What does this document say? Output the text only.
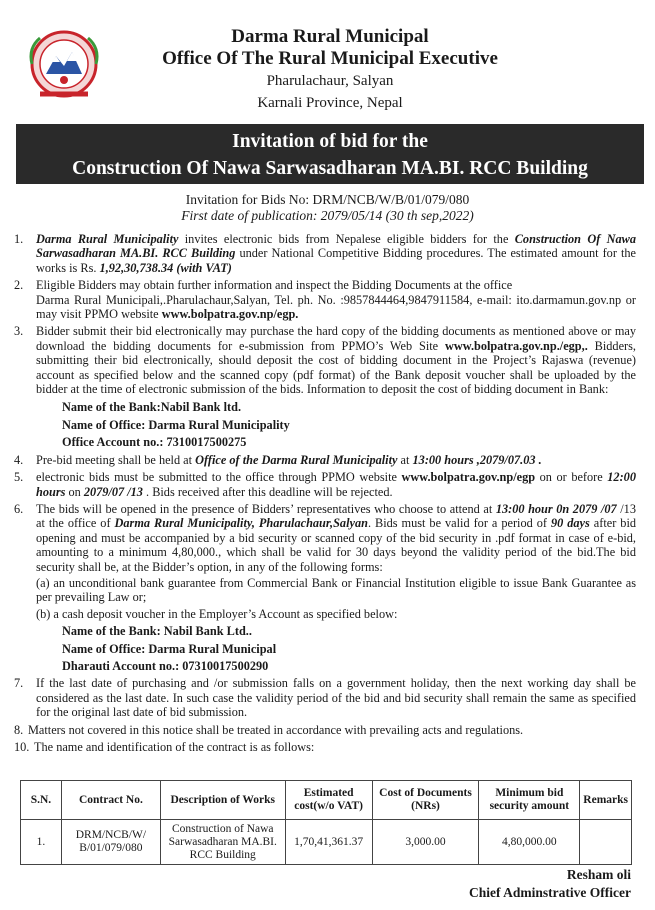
Darma Rural Municipal
Office Of The Rural Municipal Executive
Pharulachaur, Salyan
Karnali Province, Nepal
Invitation of bid for the
Construction Of Nawa Sarwasadharan MA.BI. RCC Building
Invitation for Bids No: DRM/NCB/W/B/01/079/080
First date of publication: 2079/05/14 (30 th sep,2022)
1.	Darma Rural Municipality invites electronic bids from Nepalese eligible bidders for the Construction Of Nawa Sarwasadharan MA.BI. RCC Building under National Competitive Bidding procedures. The estimated amount for the works is Rs. 1,92,30,738.34 (with VAT)
2.	Eligible Bidders may obtain further information and inspect the Bidding Documents at the office
Darma Rural Municipali,.Pharulachaur,Salyan, Tel. ph. No. :9857844464,9847911584, e-mail: ito.darmamun.gov.np or may visit PPMO website www.bolpatra.gov.np/egp.
3.	Bidder submit their bid electronically may purchase the hard copy of the bidding documents as mentioned above or may download the bidding documents for e-submission from PPMO’s Web Site www.bolpatra.gov.np./egp,. Bidders, submitting their bid electronically, should deposit the cost of bidding document in the Project’s Rajaswa (revenue) account as specified below and the scanned copy (pdf format) of the Bank deposit voucher shall be uploaded by the bidder at the time of electronic submission of the bids. Information to deposit the cost of bidding document in Bank:
Name of the Bank:Nabil Bank ltd.
Name of Office: Darma Rural Municipality
Office Account no.: 7310017500275
4.	Pre-bid meeting shall be held at Office of the Darma Rural Municipality at 13:00 hours ,2079/07.03 .
5.	electronic bids must be submitted to the office through PPMO website www.bolpatra.gov.np/egp on or before 12:00 hours on 2079/07 /13 . Bids received after this deadline will be rejected.
6.	The bids will be opened in the presence of Bidders’ representatives who choose to attend at 13:00 hour 0n 2079 /07 /13 at the office of Darma Rural Municipality, Pharulachaur,Salyan. Bids must be valid for a period of 90 days after bid opening and must be accompanied by a bid security or scanned copy of the bid security in .pdf format in case of e-bid, amounting to a minimum 4,80,000., which shall be valid for 30 days beyond the validity period of the bid.The bid security shall be, at the Bidder’s option, in any of the following forms:
(a) an unconditional bank guarantee from Commercial Bank or Financial Institution eligible to issue Bank Guarantee as per prevailing Law or;
(b) a cash deposit voucher in the Employer’s Account as specified below:
Name of the Bank: Nabil Bank Ltd..
Name of Office: Darma Rural Municipal
Dharauti Account no.: 07310017500290
7.	If the last date of purchasing and /or submission falls on a government holiday, then the next working day shall be considered as the last date. In such case the validity period of the bid and bid security shall remain the same as specified for the original last date of bid submission.
8. Matters not covered in this notice shall be treated in accordance with prevailing acts and regulations.
10. The name and identification of the contract is as follows:
S.N.	Contract No.	Description of Works	Estimated cost(w/o VAT)	Cost of Documents (NRs)	Minimum bid security amount	Remarks
1.	DRM/NCB/W/ B/01/079/080	Construction of Nawa Sarwasadharan MA.BI. RCC Building	1,70,41,361.37	3,000.00	4,80,000.00	
Resham oli
Chief Adminstrative Officer
